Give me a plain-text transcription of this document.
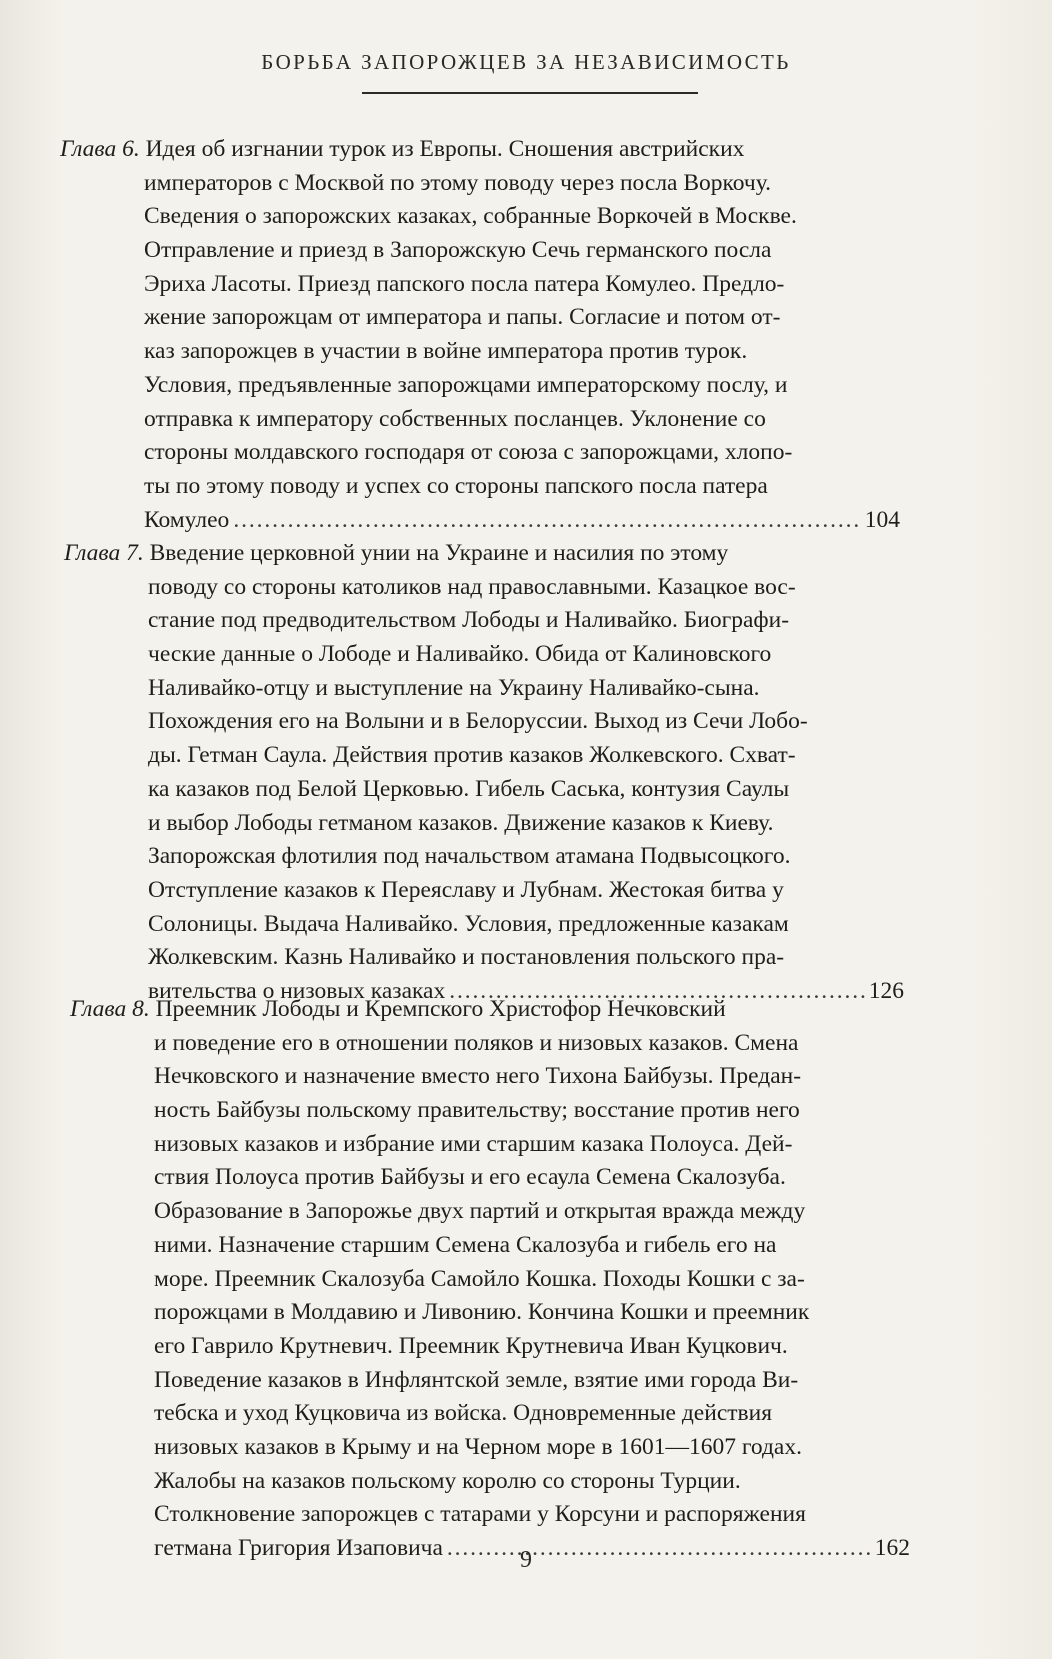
БОРЬБА ЗАПОРОЖЦЕВ ЗА НЕЗАВИСИМОСТЬ
Глава 6. Идея об изгнании турок из Европы. Сношения австрийских
императоров с Москвой по этому поводу через посла Воркочу.
Сведения о запорожских казаках, собранные Воркочей в Москве.
Отправление и приезд в Запорожскую Сечь германского посла
Эриха Ласоты. Приезд папского посла патера Комулео. Предло-
жение запорожцам от императора и папы. Согласие и потом от-
каз запорожцев в участии в войне императора против турок.
Условия, предъявленные запорожцами императорскому послу, и
отправка к императору собственных посланцев. Уклонение со
стороны молдавского господаря от союза с запорожцами, хлопо-
ты по этому поводу и успех со стороны папского посла патера
Комулео . . .	104
Глава 7. Введение церковной унии на Украине и насилия по этому
поводу со стороны католиков над православными. Казацкое вос-
стание под предводительством Лободы и Наливайко. Биографи-
ческие данные о Лободе и Наливайко. Обида от Калиновского
Наливайко-отцу и выступление на Украину Наливайко-сына.
Похождения его на Волыни и в Белоруссии. Выход из Сечи Лобо-
ды. Гетман Саула. Действия против казаков Жолкевского. Схват-
ка казаков под Белой Церковью. Гибель Саська, контузия Саулы
и выбор Лободы гетманом казаков. Движение казаков к Киеву.
Запорожская флотилия под начальством атамана Подвысоцкого.
Отступление казаков к Переяславу и Лубнам. Жестокая битва у
Солоницы. Выдача Наливайко. Условия, предложенные казакам
Жолкевским. Казнь Наливайко и постановления польского пра-
вительства о низовых казаках . . .	126
Глава 8. Преемник Лободы и Кремпского Христофор Нечковский
и поведение его в отношении поляков и низовых казаков. Смена
Нечковского и назначение вместо него Тихона Байбузы. Предан-
ность Байбузы польскому правительству; восстание против него
низовых казаков и избрание ими старшим казака Полоуса. Дей-
ствия Полоуса против Байбузы и его есаула Семена Скалозуба.
Образование в Запорожье двух партий и открытая вражда между
ними. Назначение старшим Семена Скалозуба и гибель его на
море. Преемник Скалозуба Самойло Кошка. Походы Кошки с за-
порожцами в Молдавию и Ливонию. Кончина Кошки и преемник
его Гаврило Крутневич. Преемник Крутневича Иван Куцкович.
Поведение казаков в Инфлянтской земле, взятие ими города Ви-
тебска и уход Куцковича из войска. Одновременные действия
низовых казаков в Крыму и на Черном море в 1601—1607 годах.
Жалобы на казаков польскому королю со стороны Турции.
Столкновение запорожцев с татарами у Корсуни и распоряжения
гетмана Григория Изаповича . . .	162
9
